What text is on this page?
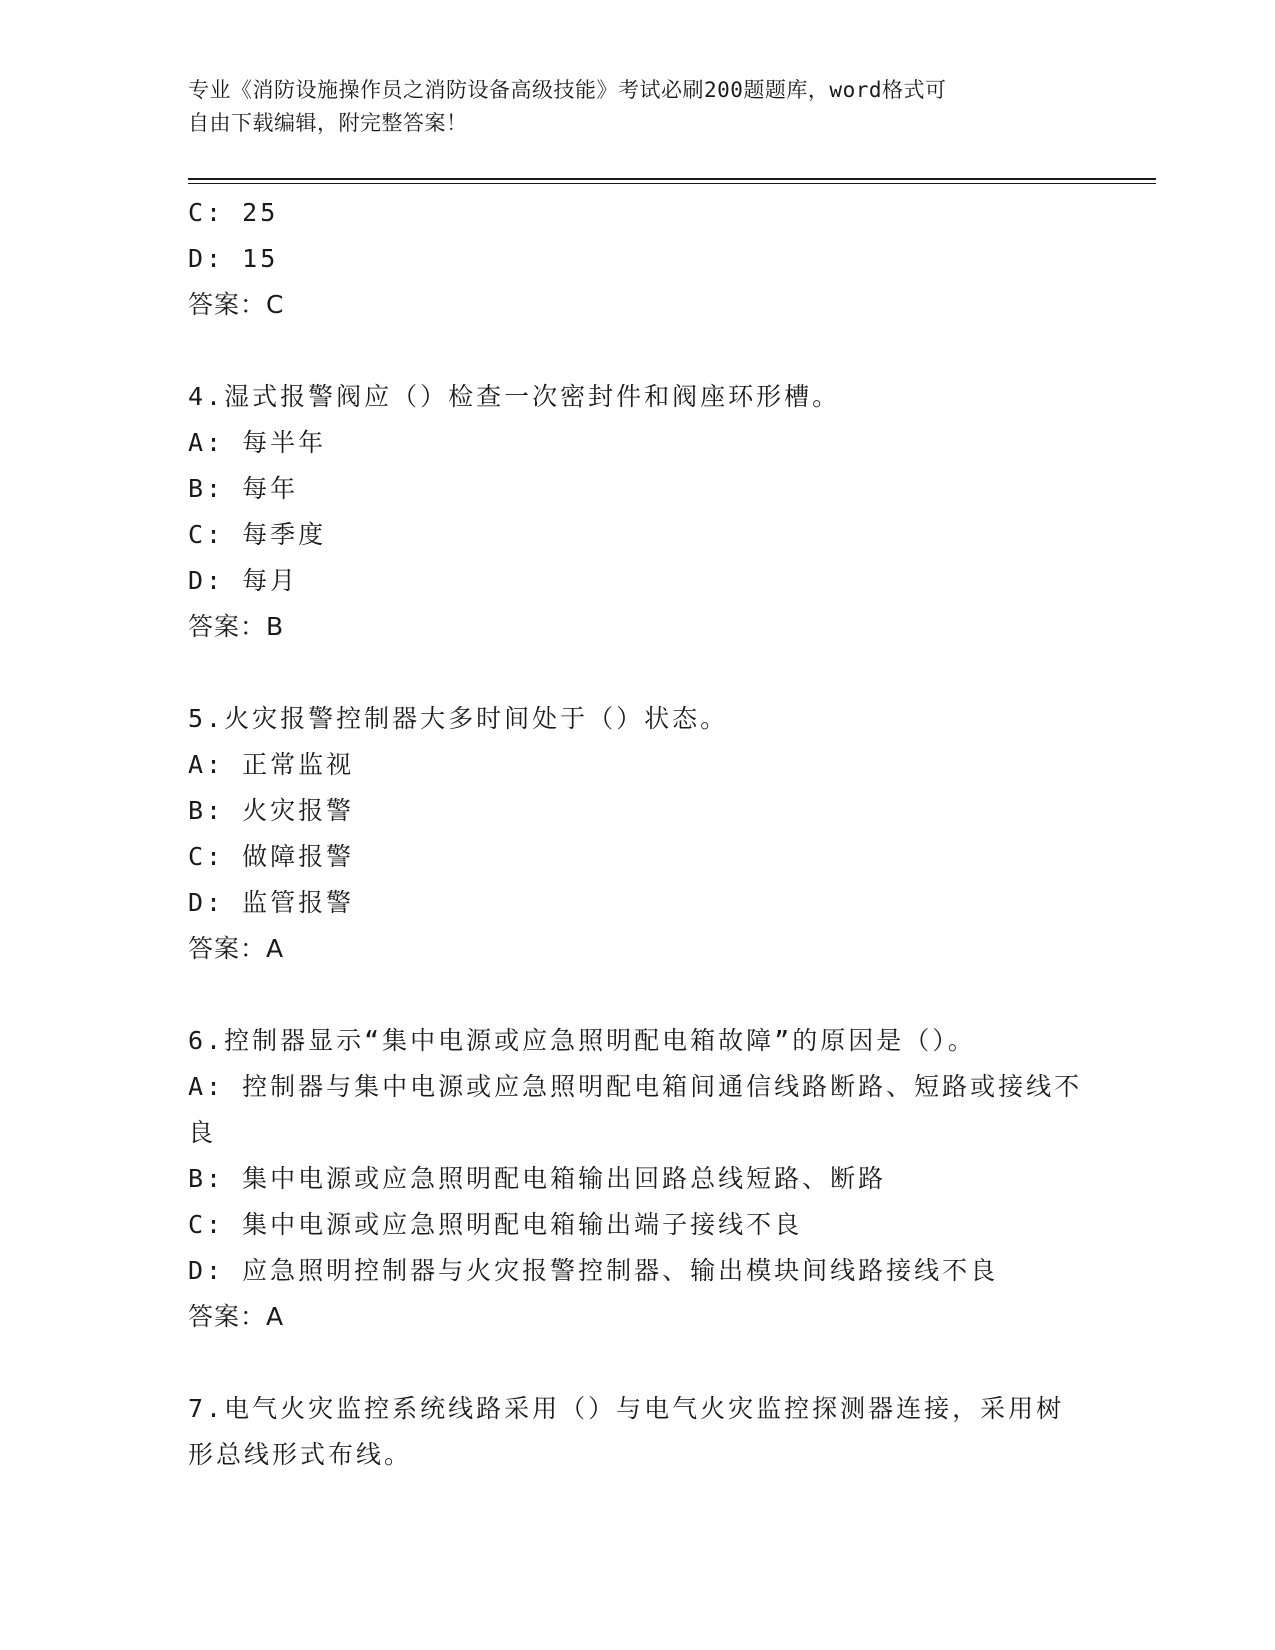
专业《消防设施操作员之消防设备高级技能》考试必刷200题题库，word格式可
自由下载编辑，附完整答案！
C: 25
D: 15
答案：C
4.湿式报警阀应（）检查一次密封件和阀座环形槽。
A: 每半年
B: 每年
C: 每季度
D: 每月
答案：B
5.火灾报警控制器大多时间处于（）状态。
A: 正常监视
B: 火灾报警
C: 做障报警
D: 监管报警
答案：A
6.控制器显示“集中电源或应急照明配电箱故障”的原因是（）。
A: 控制器与集中电源或应急照明配电箱间通信线路断路、短路或接线不良
B: 集中电源或应急照明配电箱输出回路总线短路、断路
C: 集中电源或应急照明配电箱输出端子接线不良
D: 应急照明控制器与火灾报警控制器、输出模块间线路接线不良
答案：A
7.电气火灾监控系统线路采用（）与电气火灾监控探测器连接，采用树形总线形式布线。
